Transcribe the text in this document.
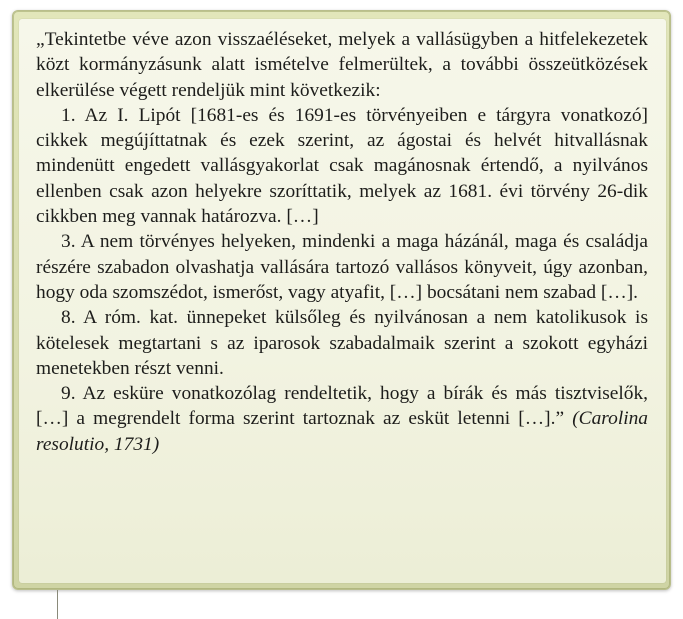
„Tekintetbe véve azon visszaéléseket, melyek a vallásügyben a hitfelekezetek közt kormányzásunk alatt ismételve felmerültek, a további összeütközések elkerülése végett rendeljük mint következik:

1. Az I. Lipót [1681-es és 1691-es törvényeiben e tárgyra vonatkozó] cikkek megújíttatnak és ezek szerint, az ágostai és helvét hitvallásnak mindenütt engedett vallásgyakorlat csak magánosnak értendő, a nyilvános ellenben csak azon helyekre szoríttatik, melyek az 1681. évi törvény 26-dik cikkben meg vannak határozva. […]

3. A nem törvényes helyeken, mindenki a maga házánál, maga és családja részére szabadon olvashatja vallására tartozó vallásos könyveit, úgy azonban, hogy oda szomszédot, ismerőst, vagy atyafit, […] bocsátani nem szabad […].

8. A róm. kat. ünnepeket külsőleg és nyilvánosan a nem katolikusok is kötelesek megtartani s az iparosok szabadalmaik szerint a szokott egyházi menetekben részt venni.

9. Az esküre vonatkozólag rendeltetik, hogy a bírák és más tisztviselők, […] a megrendelt forma szerint tartoznak az esküt letenni […].” (Carolina resolutio, 1731)
